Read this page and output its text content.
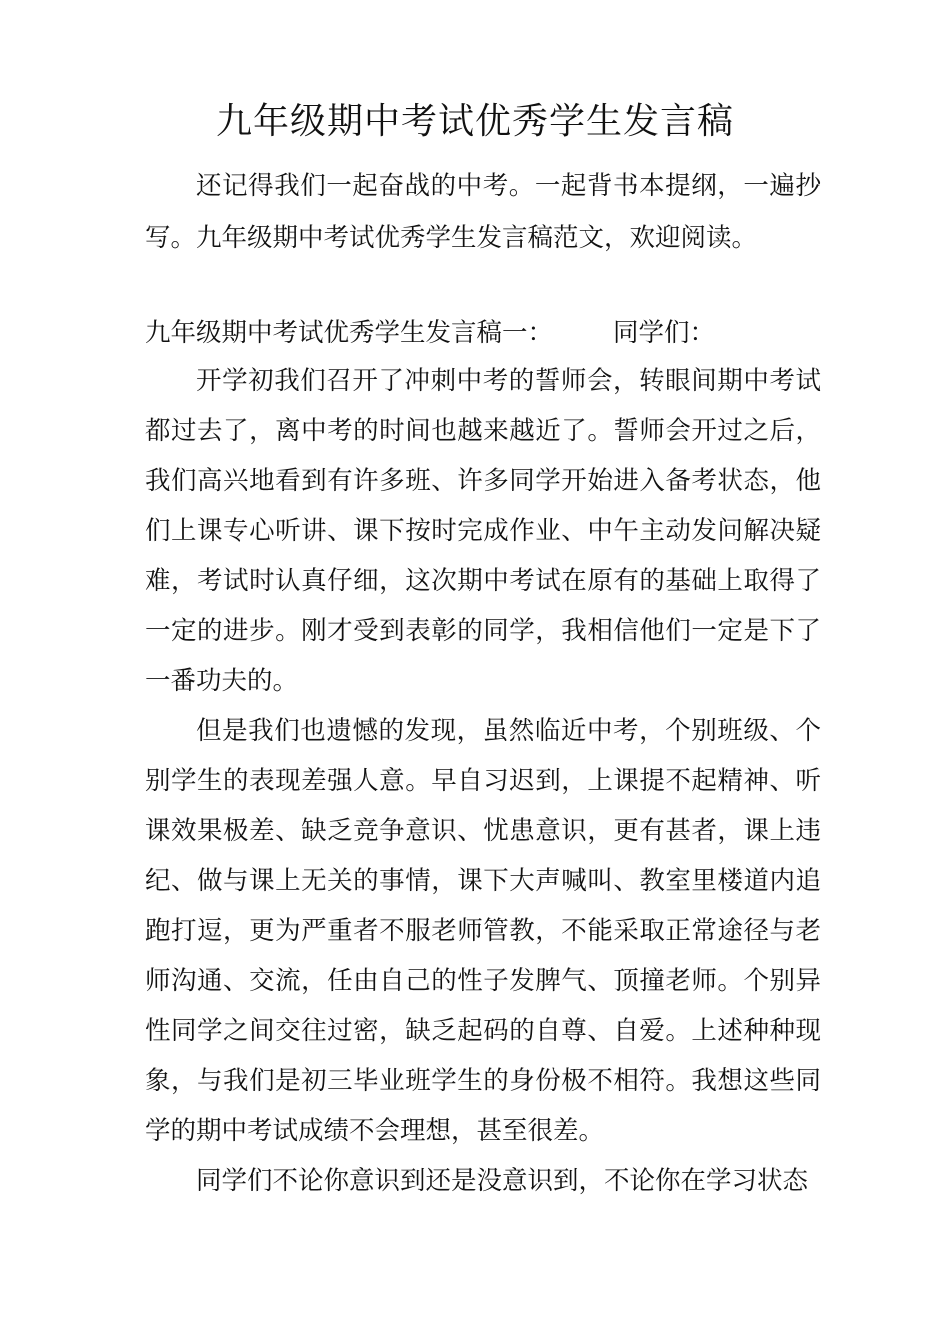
九年级期中考试优秀学生发言稿

还记得我们一起奋战的中考。一起背书本提纲，一遍抄写。九年级期中考试优秀学生发言稿范文，欢迎阅读。

九年级期中考试优秀学生发言稿一： 同学们：

开学初我们召开了冲刺中考的誓师会，转眼间期中考试都过去了，离中考的时间也越来越近了。誓师会开过之后，我们高兴地看到有许多班、许多同学开始进入备考状态，他们上课专心听讲、课下按时完成作业、中午主动发问解决疑难，考试时认真仔细，这次期中考试在原有的基础上取得了一定的进步。刚才受到表彰的同学，我相信他们一定是下了一番功夫的。

但是我们也遗憾的发现，虽然临近中考，个别班级、个别学生的表现差强人意。早自习迟到，上课提不起精神、听课效果极差、缺乏竞争意识、忧患意识，更有甚者，课上违纪、做与课上无关的事情，课下大声喊叫、教室里楼道内追跑打逗，更为严重者不服老师管教，不能采取正常途径与老师沟通、交流，任由自己的性子发脾气、顶撞老师。个别异性同学之间交往过密，缺乏起码的自尊、自爱。上述种种现象，与我们是初三毕业班学生的身份极不相符。我想这些同学的期中考试成绩不会理想，甚至很差。

同学们不论你意识到还是没意识到，不论你在学习状态
